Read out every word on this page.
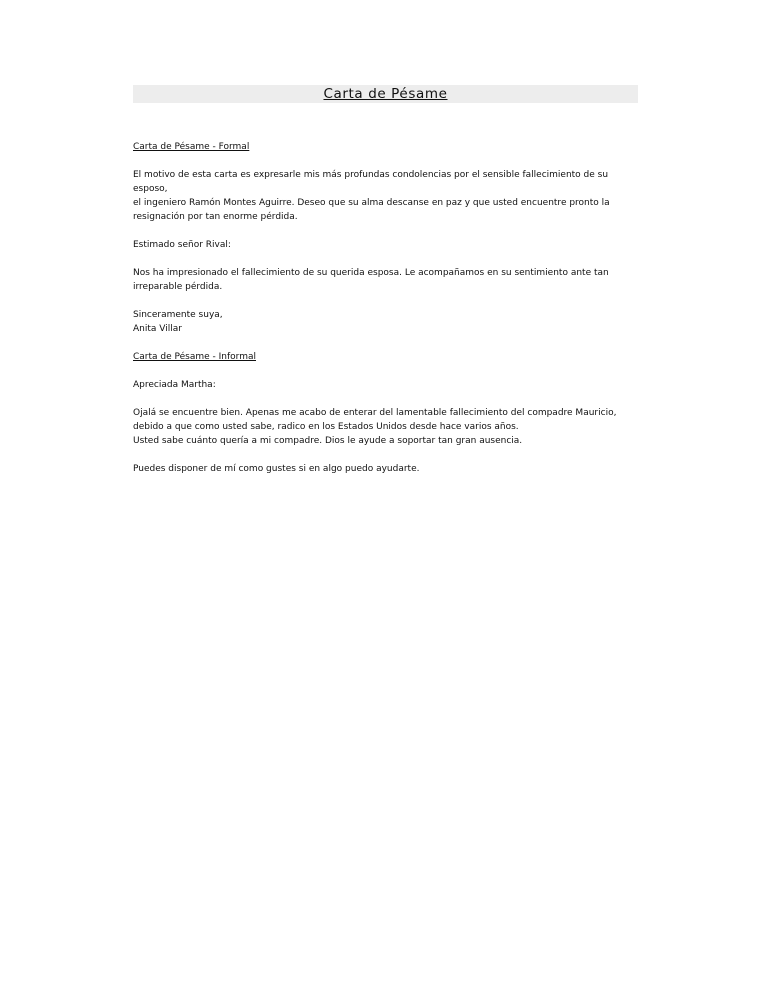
Carta de Pésame

Carta de Pésame - Formal

El motivo de esta carta es expresarle mis más profundas condolencias por el sensible fallecimiento de su esposo,
el ingeniero Ramón Montes Aguirre. Deseo que su alma descanse en paz y que usted encuentre pronto la
resignación por tan enorme pérdida.

Estimado señor Rival:

Nos ha impresionado el fallecimiento de su querida esposa. Le acompañamos en su sentimiento ante tan
irreparable pérdida.

Sinceramente suya,
Anita Villar

Carta de Pésame - Informal

Apreciada Martha:

Ojalá se encuentre bien. Apenas me acabo de enterar del lamentable fallecimiento del compadre Mauricio,
debido a que como usted sabe, radico en los Estados Unidos desde hace varios años.
Usted sabe cuánto quería a mi compadre. Dios le ayude a soportar tan gran ausencia.

Puedes disponer de mí como gustes si en algo puedo ayudarte.
